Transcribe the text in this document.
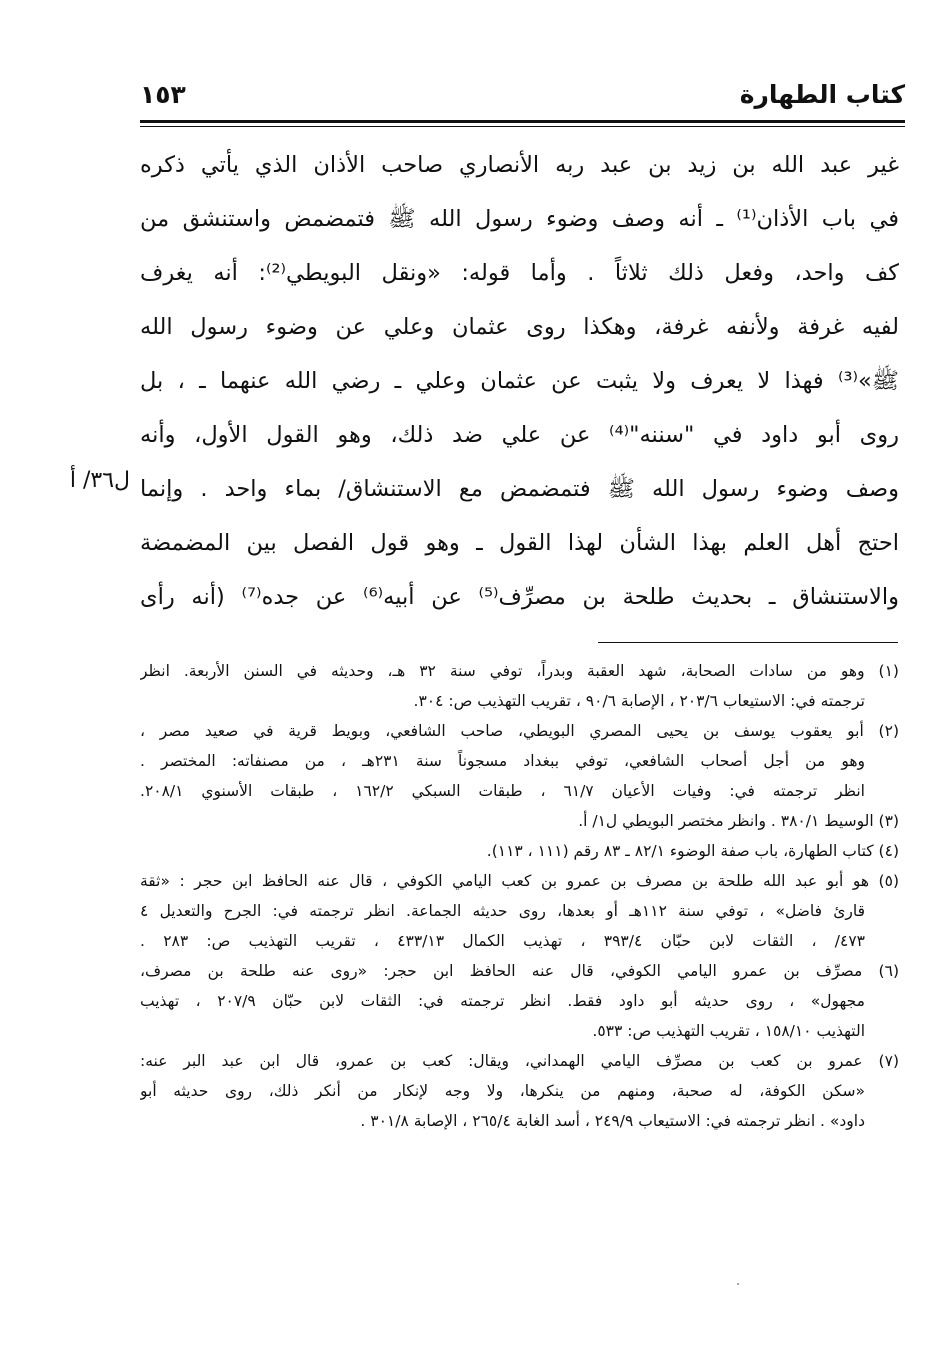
كتاب الطهارة
١٥٣
غير عبد الله بن زيد بن عبد ربه الأنصاري صاحب الأذان الذي يأتي ذكره
في باب الأذان⁽¹⁾ ـ أنه وصف وضوء رسول الله ﷺ فتمضمض واستنشق من
كف واحد، وفعل ذلك ثلاثاً . وأما قوله: «ونقل البويطي⁽²⁾: أنه يغرف
لفيه غرفة ولأنفه غرفة، وهكذا روى عثمان وعلي عن وضوء رسول الله
ﷺ»⁽³⁾ فهذا لا يعرف ولا يثبت عن عثمان وعلي ـ رضي الله عنهما ـ ، بل
روى أبو داود في "سننه"⁽⁴⁾ عن علي ضد ذلك، وهو القول الأول، وأنه
وصف وضوء رسول الله ﷺ فتمضمض مع الاستنشاق/ بماء واحد . وإنما
احتج أهل العلم بهذا الشأن لهذا القول ـ وهو قول الفصل بين المضمضة
والاستنشاق ـ بحديث طلحة بن مصرِّف⁽⁵⁾ عن أبيه⁽⁶⁾ عن جده⁽⁷⁾ (أنه رأى
ل٣٦/ أ
(١) وهو من سادات الصحابة، شهد العقبة وبدراً، توفي سنة ٣٢ هـ، وحديثه في السنن الأربعة. انظر
ترجمته في: الاستيعاب ٢٠٣/٦ ، الإصابة ٩٠/٦ ، تقريب التهذيب ص: ٣٠٤.
(٢) أبو يعقوب يوسف بن يحيى المصري البويطي، صاحب الشافعي، وبويط قرية في صعيد مصر ،
وهو من أجل أصحاب الشافعي، توفي ببغداد مسجوناً سنة ٢٣١هـ ، من مصنفاته: المختصر .
انظر ترجمته في: وفيات الأعيان ٦١/٧ ، طبقات السبكي ١٦٢/٢ ، طبقات الأسنوي ٢٠٨/١.
(٣) الوسيط ٣٨٠/١ . وانظر مختصر البويطي ل١/ أ.
(٤) كتاب الطهارة، باب صفة الوضوء ٨٢/١ ـ ٨٣ رقم (١١١ ، ١١٣).
(٥) هو أبو عبد الله طلحة بن مصرف بن عمرو بن كعب اليامي الكوفي ، قال عنه الحافظ ابن حجر : «ثقة
قارئ فاضل» ، توفي سنة ١١٢هـ أو بعدها، روى حديثه الجماعة. انظر ترجمته في: الجرح والتعديل ٤
٤٧٣/ ، الثقات لابن حبّان ٣٩٣/٤ ، تهذيب الكمال ٤٣٣/١٣ ، تقريب التهذيب ص: ٢٨٣ .
(٦) مصرِّف بن عمرو اليامي الكوفي، قال عنه الحافظ ابن حجر: «روى عنه طلحة بن مصرف،
مجهول» ، روى حديثه أبو داود فقط. انظر ترجمته في: الثقات لابن حبّان ٢٠٧/٩ ، تهذيب
التهذيب ١٥٨/١٠ ، تقريب التهذيب ص: ٥٣٣.
(٧) عمرو بن كعب بن مصرِّف اليامي الهمداني، ويقال: كعب بن عمرو، قال ابن عبد البر عنه:
«سكن الكوفة، له صحبة، ومنهم من ينكرها، ولا وجه لإنكار من أنكر ذلك، روى حديثه أبو
داود» . انظر ترجمته في: الاستيعاب ٢٤٩/٩ ، أسد الغابة ٢٦٥/٤ ، الإصابة ٣٠١/٨ .
